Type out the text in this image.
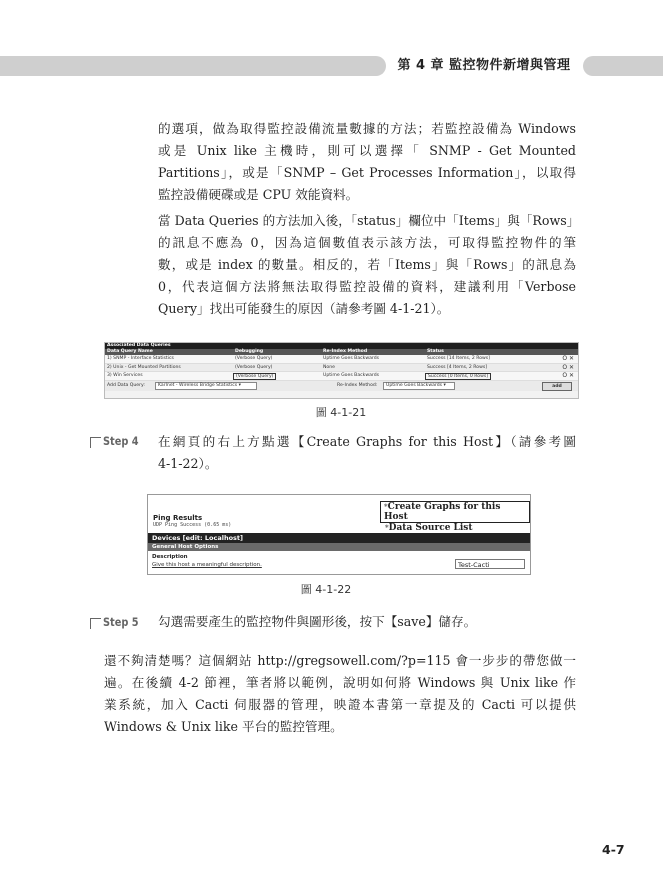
第 4 章 監控物件新增與管理

的選項，做為取得監控設備流量數據的方法；若監控設備為 Windows

或是 Unix like 主機時，則可以選擇「 SNMP - Get Mounted

Partitions」，或是「SNMP – Get Processes Information」，以取得

監控設備硬碟或是 CPU 效能資料。

當 Data Queries 的方法加入後，「status」欄位中「Items」與「Rows」

的訊息不應為 0，因為這個數值表示該方法，可取得監控物件的筆

數，或是 index 的數量。相反的，若「Items」與「Rows」的訊息為

0，代表這個方法將無法取得監控設備的資料，建議利用「Verbose

Query」找出可能發生的原因（請參考圖 4-1-21）。

Associated Data Queries
Data Query Name	Debugging	Re-Index Method	Status
1) SNMP - Interface Statistics	(Verbose Query)	Uptime Goes Backwards	Success [14 Items, 2 Rows]	O ✕
2) Unix - Get Mounted Partitions	(Verbose Query)	None	Success [4 Items, 2 Rows]	O ✕
3) Win Services	(Verbose Query)	Uptime Goes Backwards	Success [0 Items, 0 Rows]	O ✕
Add Data Query:	Karlnet - Wireless Bridge Statistics ▾	Re-Index Method:	Uptime Goes Backwards ▾	add
圖 4-1-21
Step 4	在網頁的右上方點選【Create Graphs for this Host】（請參考圖

4-1-22）。

Ping Results
UDP Ping Success (0.65 ms)
*Create Graphs for this Host
*Data Source List
Devices [edit: Localhost]
General Host Options
Description
Give this host a meaningful description.	Test-Cacti
圖 4-1-22
Step 5	勾選需要產生的監控物件與圖形後，按下【save】儲存。

還不夠清楚嗎？這個網站 http://gregsowell.com/?p=115 會一步步的帶您做一

遍。在後續 4-2 節裡，筆者將以範例，說明如何將 Windows 與 Unix like 作

業系統，加入 Cacti 伺服器的管理，映證本書第一章提及的 Cacti 可以提供

Windows & Unix like 平台的監控管理。

4-7
